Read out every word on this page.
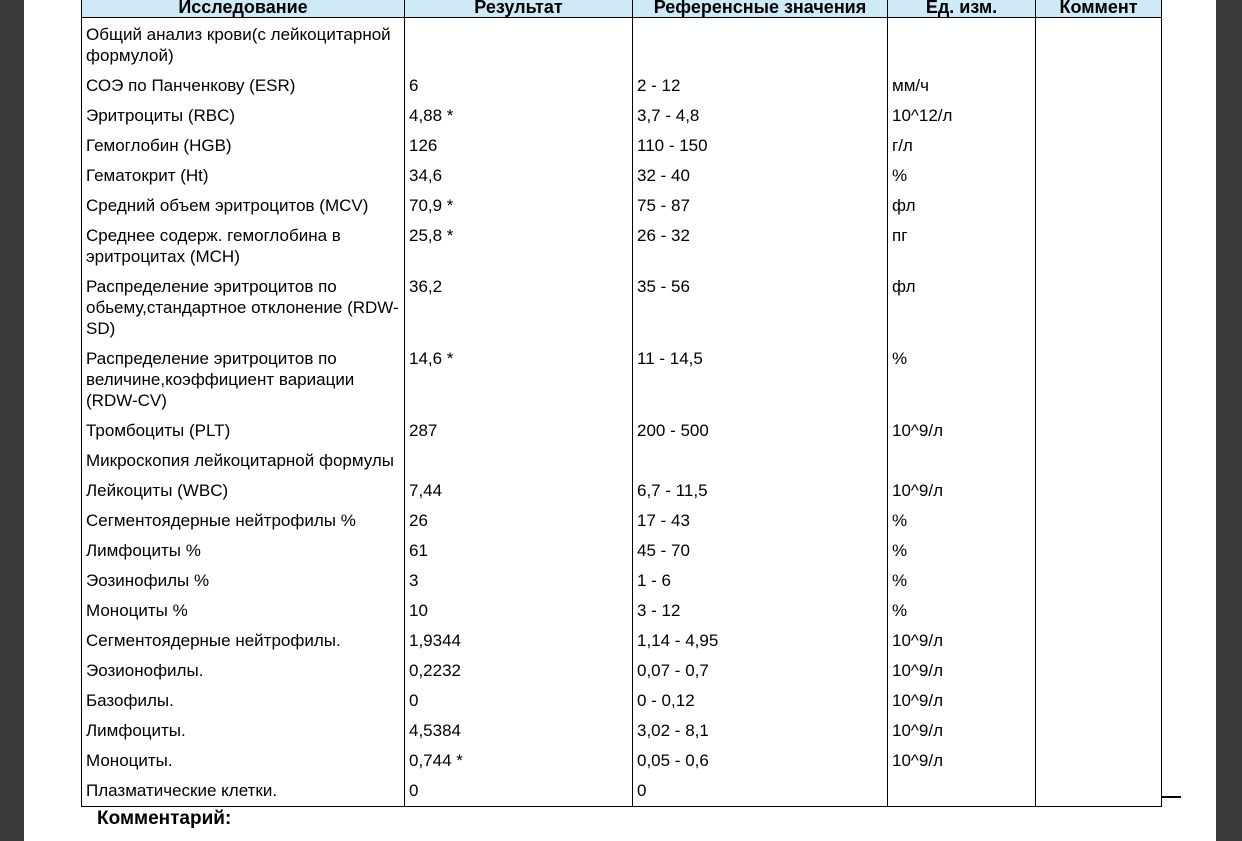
Исследование	Результат	Референсные значения	Ед. изм.	Коммент
Общий анализ крови(с лейкоцитарной формулой)				
СОЭ по Панченкову (ESR)	6	2 - 12	мм/ч	
Эритроциты (RBC)	4,88 *	3,7 - 4,8	10^12/л	
Гемоглобин (HGB)	126	110 - 150	г/л	
Гематокрит (Ht)	34,6	32 - 40	%	
Средний объем эритроцитов (MCV)	70,9 *	75 - 87	фл	
Среднее содерж. гемоглобина в эритроцитах (MCH)	25,8 *	26 - 32	пг	
Распределение эритроцитов по обьему,стандартное отклонение (RDW-SD)	36,2	35 - 56	фл	
Распределение эритроцитов по величине,коэффициент вариации (RDW-CV)	14,6 *	11 - 14,5	%	
Тромбоциты (PLT)	287	200 - 500	10^9/л	
Микроскопия лейкоцитарной формулы				
Лейкоциты (WBC)	7,44	6,7 - 11,5	10^9/л	
Сегментоядерные нейтрофилы %	26	17 - 43	%	
Лимфоциты %	61	45 - 70	%	
Эозинофилы %	3	1 - 6	%	
Моноциты %	10	3 - 12	%	
Сегментоядерные нейтрофилы.	1,9344	1,14 - 4,95	10^9/л	
Эозионофилы.	0,2232	0,07 - 0,7	10^9/л	
Базофилы.	0	0 - 0,12	10^9/л	
Лимфоциты.	4,5384	3,02 - 8,1	10^9/л	
Моноциты.	0,744 *	0,05 - 0,6	10^9/л	
Плазматические клетки.	0	0		
Комментарий:
